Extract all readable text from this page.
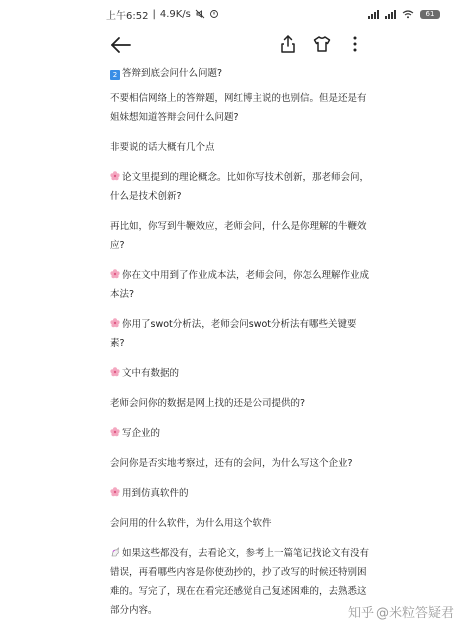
上午6:52 | 4.9K/s	61

2 答辩到底会问什么问题?

不要相信网络上的答辩题，网红博主说的也别信。但是还是有姐妹想知道答辩会问什么问题?

非要说的话大概有几个点

论文里提到的理论概念。比如你写技术创新，那老师会问，什么是技术创新?

再比如，你写到牛鞭效应，老师会问，什么是你理解的牛鞭效应?

你在文中用到了作业成本法，老师会问，你怎么理解作业成本法?

你用了swot分析法，老师会问swot分析法有哪些关键要素?

文中有数据的

老师会问你的数据是网上找的还是公司提供的?

写企业的

会问你是否实地考察过，还有的会问，为什么写这个企业?

用到仿真软件的

会问用的什么软件，为什么用这个软件

如果这些都没有，去看论文，参考上一篇笔记找论文有没有错误，再看哪些内容是你使劲抄的，抄了改写的时候还特别困难的。写完了，现在在看完还感觉自己复述困难的，去熟悉这部分内容。	知乎 @米粒答疑君
